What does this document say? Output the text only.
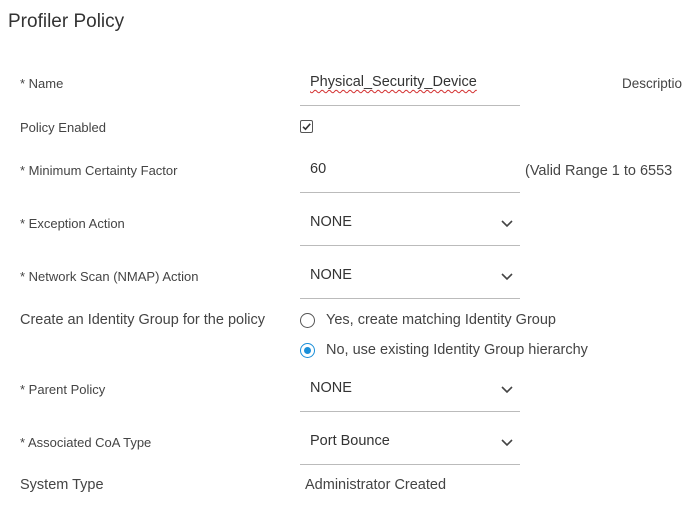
Profiler Policy
* Name	Physical_Security_Device	Descriptio
Policy Enabled
* Minimum Certainty Factor	60	(Valid Range 1 to 6553
* Exception Action	NONE
* Network Scan (NMAP) Action	NONE
Create an Identity Group for the policy	Yes, create matching Identity Group
No, use existing Identity Group hierarchy
* Parent Policy	NONE
* Associated CoA Type	Port Bounce
System Type	Administrator Created
